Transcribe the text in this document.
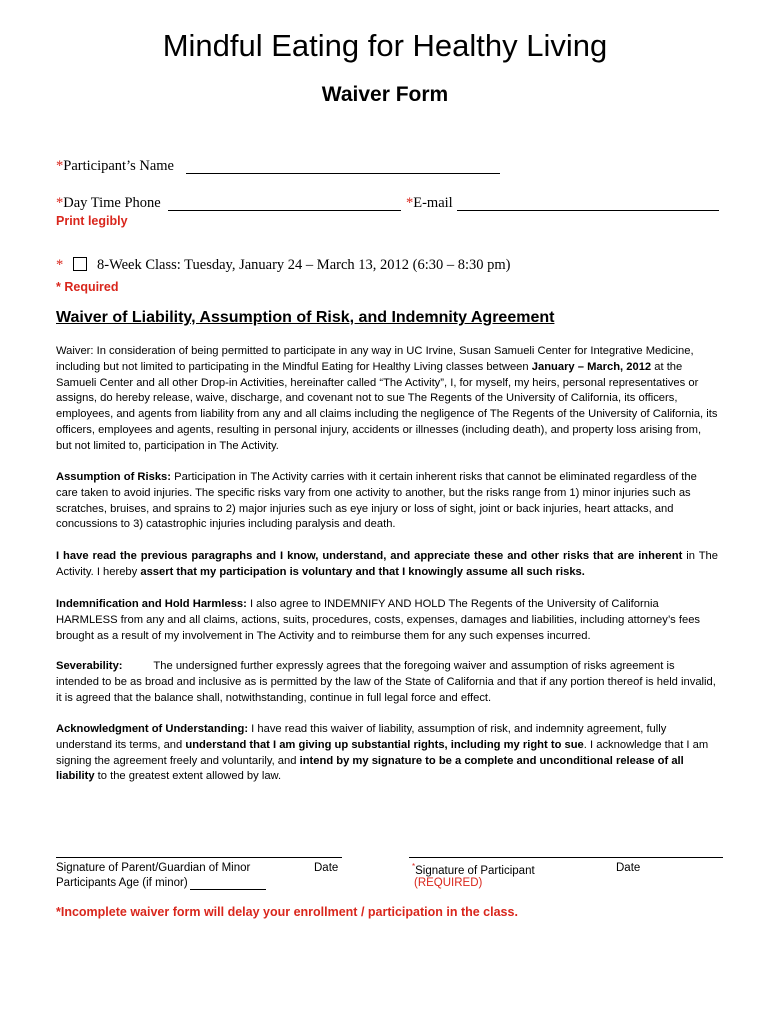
Mindful Eating for Healthy Living
Waiver Form
*Participant’s Name
*Day Time Phone	*E-mail
Print legibly
* 8-Week Class: Tuesday, January 24 – March 13, 2012 (6:30 – 8:30 pm)
* Required
Waiver of Liability, Assumption of Risk, and Indemnity Agreement
Waiver: In consideration of being permitted to participate in any way in UC Irvine, Susan Samueli Center for Integrative Medicine, including but not limited to participating in the Mindful Eating for Healthy Living classes between January – March, 2012 at the Samueli Center and all other Drop-in Activities, hereinafter called “The Activity”, I, for myself, my heirs, personal representatives or assigns, do hereby release, waive, discharge, and covenant not to sue The Regents of the University of California, its officers, employees, and agents from liability from any and all claims including the negligence of The Regents of the University of California, its officers, employees and agents, resulting in personal injury, accidents or illnesses (including death), and property loss arising from, but not limited to, participation in The Activity.
Assumption of Risks: Participation in The Activity carries with it certain inherent risks that cannot be eliminated regardless of the care taken to avoid injuries. The specific risks vary from one activity to another, but the risks range from 1) minor injuries such as scratches, bruises, and sprains to 2) major injuries such as eye injury or loss of sight, joint or back injuries, heart attacks, and concussions to 3) catastrophic injuries including paralysis and death.
I have read the previous paragraphs and I know, understand, and appreciate these and other risks that are inherent in The Activity. I hereby assert that my participation is voluntary and that I knowingly assume all such risks.
Indemnification and Hold Harmless: I also agree to INDEMNIFY AND HOLD The Regents of the University of California HARMLESS from any and all claims, actions, suits, procedures, costs, expenses, damages and liabilities, including attorney’s fees brought as a result of my involvement in The Activity and to reimburse them for any such expenses incurred.
Severability:          The undersigned further expressly agrees that the foregoing waiver and assumption of risks agreement is intended to be as broad and inclusive as is permitted by the law of the State of California and that if any portion thereof is held invalid, it is agreed that the balance shall, notwithstanding, continue in full legal force and effect.
Acknowledgment of Understanding: I have read this waiver of liability, assumption of risk, and indemnity agreement, fully understand its terms, and understand that I am giving up substantial rights, including my right to sue. I acknowledge that I am signing the agreement freely and voluntarily, and intend by my signature to be a complete and unconditional release of all liability to the greatest extent allowed by law.
Signature of Parent/Guardian of Minor
Participants Age (if minor)
Date	*Signature of Participant
(REQUIRED)
Date
*Incomplete waiver form will delay your enrollment / participation in the class.
